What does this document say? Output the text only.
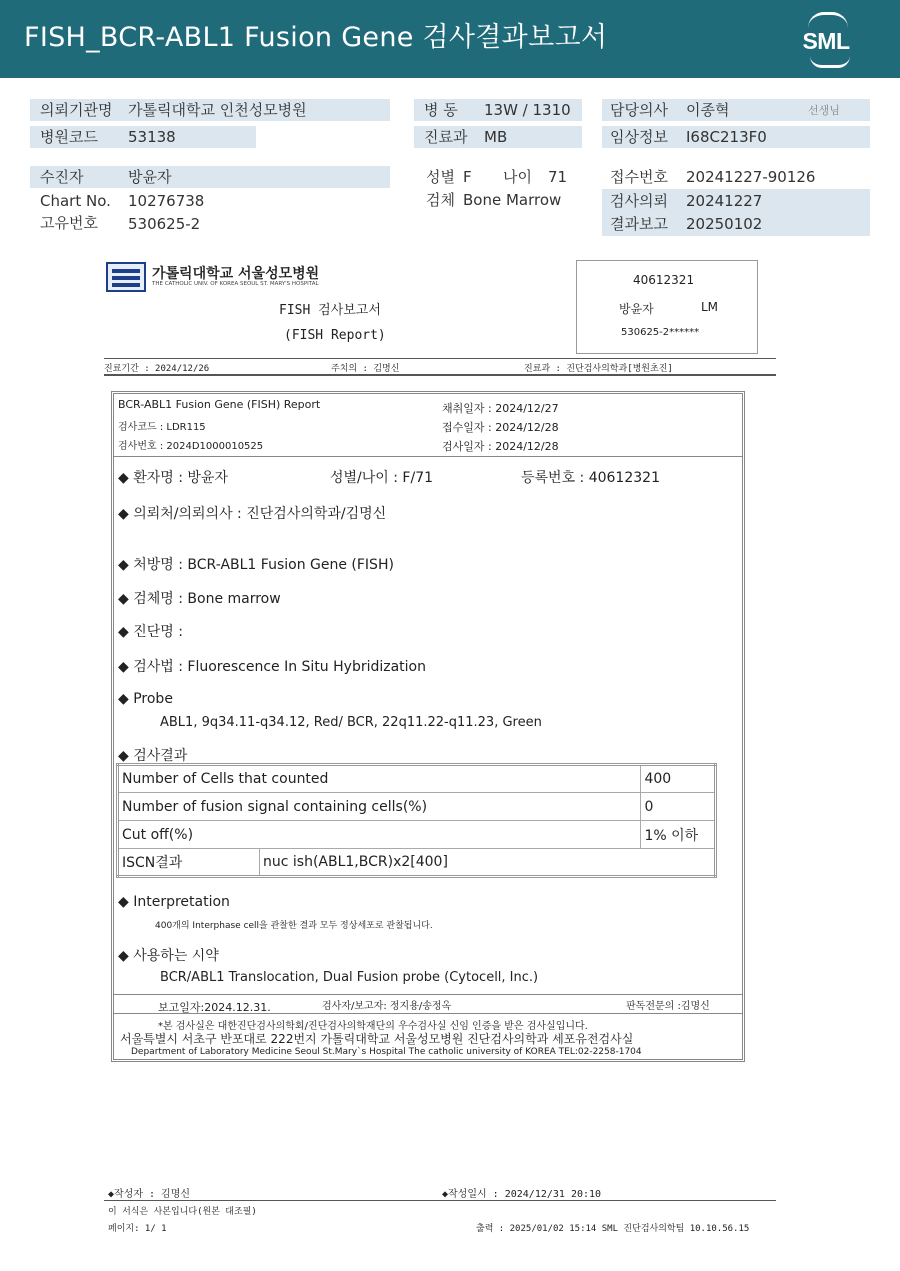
FISH_BCR-ABL1 Fusion Gene 검사결과보고서	SML
의뢰기관명 가톨릭대학교 인천성모병원
병원코드 53138
병 동 13W / 1310
진료과 MB
담당의사 이종혁	선생님
임상정보 I68C213F0
수진자	방윤자
Chart No. 10276738
고유번호 530625-2
성별 F 나이 71
검체 Bone Marrow
접수번호 20241227-90126
검사의뢰 20241227
결과보고 20250102
가톨릭대학교 서울성모병원
THE CATHOLIC UNIV. OF KOREA SEOUL ST. MARY'S HOSPITAL
FISH 검사보고서
(FISH Report)
40612321
방윤자	LM
530625-2******
진료기간 : 2024/12/26	주치의 : 김명신	진료과 : 진단검사의학과[병원초진]
BCR-ABL1 Fusion Gene (FISH) Report
검사코드 : LDR115
검사번호 : 2024D1000010525
채취일자 : 2024/12/27
접수일자 : 2024/12/28
검사일자 : 2024/12/28
◆ 환자명 : 방윤자	성별/나이 : F/71	등록번호 : 40612321
◆ 의뢰처/의뢰의사 : 진단검사의학과/김명신
◆ 처방명 : BCR-ABL1 Fusion Gene (FISH)
◆ 검체명 : Bone marrow
◆ 진단명 :
◆ 검사법 : Fluorescence In Situ Hybridization
◆ Probe
ABL1, 9q34.11-q34.12, Red/ BCR, 22q11.22-q11.23, Green
◆ 검사결과
Number of Cells that counted		400
Number of fusion signal containing cells(%)		0
Cut off(%)		1% 이하
ISCN결과	nuc ish(ABL1,BCR)x2[400]	
◆ Interpretation
400개의 Interphase cell을 관찰한 결과 모두 정상세포로 관찰됩니다.
◆ 사용하는 시약
BCR/ABL1 Translocation, Dual Fusion probe (Cytocell, Inc.)
보고일자:2024.12.31.	검사자/보고자: 정지용/송정옥	판독전문의 :김명신
*본 검사실은 대한진단검사의학회/진단검사의학재단의 우수검사실 신임 인증을 받은 검사실입니다.
서울특별시 서초구 반포대로 222번지 가톨릭대학교 서울성모병원 진단검사의학과 세포유전검사실
Department of Laboratory Medicine Seoul St.Mary`s Hospital The catholic university of KOREA TEL:02-2258-1704
◆작성자 : 김명신	◆작성일시 : 2024/12/31 20:10
이 서식은 사본입니다(원본 대조필)
페이지: 1/ 1	출력 : 2025/01/02 15:14 SML 진단검사의학팀 10.10.56.15
